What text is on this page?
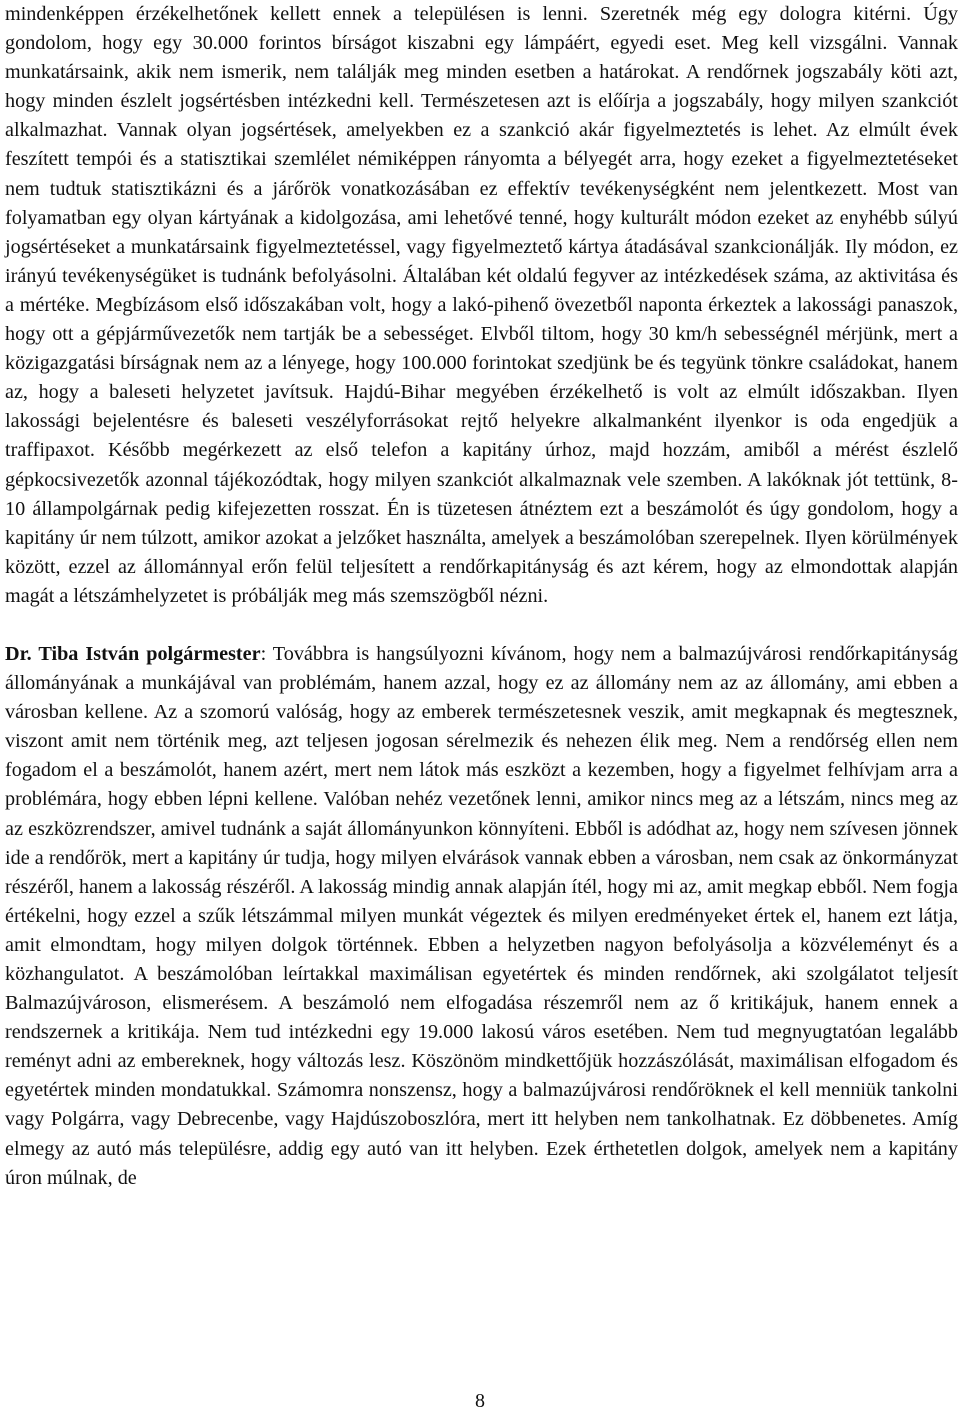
mindenképpen érzékelhetőnek kellett ennek a településen is lenni. Szeretnék még egy dologra kitérni. Úgy gondolom, hogy egy 30.000 forintos bírságot kiszabni egy lámpáért, egyedi eset. Meg kell vizsgálni. Vannak munkatársaink, akik nem ismerik, nem találják meg minden esetben a határokat. A rendőrnek jogszabály köti azt, hogy minden észlelt jogsértésben intézkedni kell. Természetesen azt is előírja a jogszabály, hogy milyen szankciót alkalmazhat. Vannak olyan jogsértések, amelyekben ez a szankció akár figyelmeztetés is lehet. Az elmúlt évek feszített tempói és a statisztikai szemlélet némiképpen rányomta a bélyegét arra, hogy ezeket a figyelmeztetéseket nem tudtuk statisztikázni és a járőrök vonatkozásában ez effektív tevékenységként nem jelentkezett. Most van folyamatban egy olyan kártyának a kidolgozása, ami lehetővé tenné, hogy kulturált módon ezeket az enyhébb súlyú jogsértéseket a munkatársaink figyelmeztetéssel, vagy figyelmeztető kártya átadásával szankcionálják. Ily módon, ez irányú tevékenységüket is tudnánk befolyásolni. Általában két oldalú fegyver az intézkedések száma, az aktivitása és a mértéke. Megbízásom első időszakában volt, hogy a lakó-pihenő övezetből naponta érkeztek a lakossági panaszok, hogy ott a gépjárművezetők nem tartják be a sebességet. Elvből tiltom, hogy 30 km/h sebességnél mérjünk, mert a közigazgatási bírságnak nem az a lényege, hogy 100.000 forintokat szedjünk be és tegyünk tönkre családokat, hanem az, hogy a baleseti helyzetet javítsuk. Hajdú-Bihar megyében érzékelhető is volt az elmúlt időszakban. Ilyen lakossági bejelentésre és baleseti veszélyforrásokat rejtő helyekre alkalmanként ilyenkor is oda engedjük a traffipaxot. Később megérkezett az első telefon a kapitány úrhoz, majd hozzám, amiből a mérést észlelő gépkocsivezetők azonnal tájékozódtak, hogy milyen szankciót alkalmaznak vele szemben. A lakóknak jót tettünk, 8-10 állampolgárnak pedig kifejezetten rosszat. Én is tüzetesen átnéztem ezt a beszámolót és úgy gondolom, hogy a kapitány úr nem túlzott, amikor azokat a jelzőket használta, amelyek a beszámolóban szerepelnek. Ilyen körülmények között, ezzel az állománnyal erőn felül teljesített a rendőrkapitányság és azt kérem, hogy az elmondottak alapján magát a létszámhelyzetet is próbálják meg más szemszögből nézni.

Dr. Tiba István polgármester: Továbbra is hangsúlyozni kívánom, hogy nem a balmazújvárosi rendőrkapitányság állományának a munkájával van problémám, hanem azzal, hogy ez az állomány nem az az állomány, ami ebben a városban kellene. Az a szomorú valóság, hogy az emberek természetesnek veszik, amit megkapnak és megtesznek, viszont amit nem történik meg, azt teljesen jogosan sérelmezik és nehezen élik meg. Nem a rendőrség ellen nem fogadom el a beszámolót, hanem azért, mert nem látok más eszközt a kezemben, hogy a figyelmet felhívjam arra a problémára, hogy ebben lépni kellene. Valóban nehéz vezetőnek lenni, amikor nincs meg az a létszám, nincs meg az az eszközrendszer, amivel tudnánk a saját állományunkon könnyíteni. Ebből is adódhat az, hogy nem szívesen jönnek ide a rendőrök, mert a kapitány úr tudja, hogy milyen elvárások vannak ebben a városban, nem csak az önkormányzat részéről, hanem a lakosság részéről. A lakosság mindig annak alapján ítél, hogy mi az, amit megkap ebből. Nem fogja értékelni, hogy ezzel a szűk létszámmal milyen munkát végeztek és milyen eredményeket értek el, hanem ezt látja, amit elmondtam, hogy milyen dolgok történnek. Ebben a helyzetben nagyon befolyásolja a közvéleményt és a közhangulatot. A beszámolóban leírtakkal maximálisan egyetértek és minden rendőrnek, aki szolgálatot teljesít Balmazújvároson, elismerésem. A beszámoló nem elfogadása részemről nem az ő kritikájuk, hanem ennek a rendszernek a kritikája. Nem tud intézkedni egy 19.000 lakosú város esetében. Nem tud megnyugtatóan legalább reményt adni az embereknek, hogy változás lesz. Köszönöm mindkettőjük hozzászólását, maximálisan elfogadom és egyetértek minden mondatukkal. Számomra nonszensz, hogy a balmazújvárosi rendőröknek el kell menniük tankolni vagy Polgárra, vagy Debrecenbe, vagy Hajdúszoboszlóra, mert itt helyben nem tankolhatnak. Ez döbbenetes. Amíg elmegy az autó más településre, addig egy autó van itt helyben. Ezek érthetetlen dolgok, amelyek nem a kapitány úron múlnak, de

8
